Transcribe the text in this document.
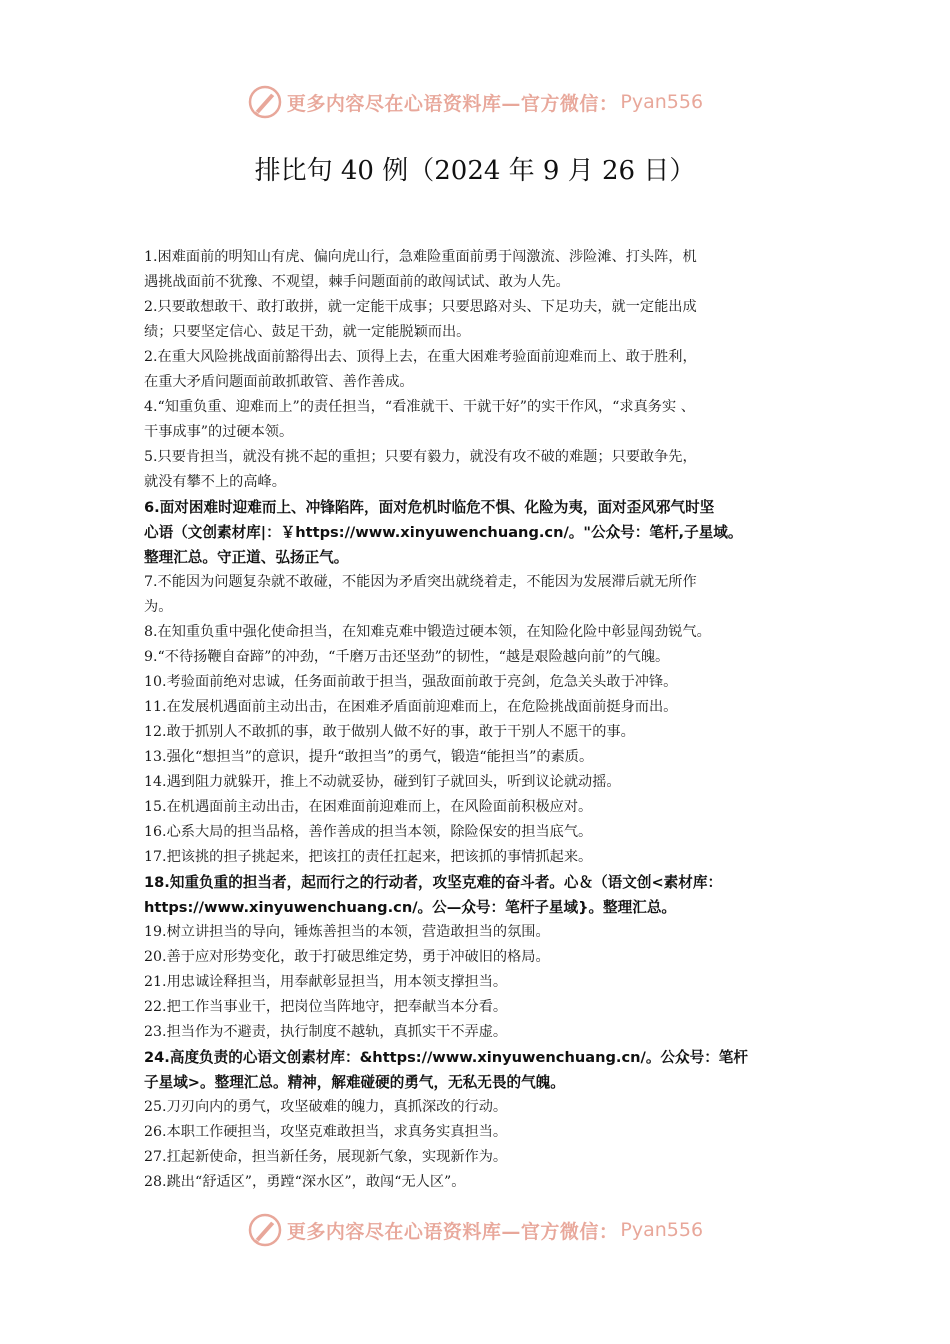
更多内容尽在心语资料库—官方微信： Pyan556
排比句 40 例（2024 年 9 月 26 日）
1.困难面前的明知山有虎、偏向虎山行，急难险重面前勇于闯激流、涉险滩、打头阵，机
遇挑战面前不犹豫、不观望，棘手问题面前的敢闯试试、敢为人先。
2.只要敢想敢干、敢打敢拼，就一定能干成事；只要思路对头、下足功夫，就一定能出成
绩；只要坚定信心、鼓足干劲，就一定能脱颖而出。
2.在重大风险挑战面前豁得出去、顶得上去，在重大困难考验面前迎难而上、敢于胜利，
在重大矛盾问题面前敢抓敢管、善作善成。
4.“知重负重、迎难而上”的责任担当，“看准就干、干就干好”的实干作风，“求真务实 、
干事成事”的过硬本领。
5.只要肯担当，就没有挑不起的重担；只要有毅力，就没有攻不破的难题；只要敢争先，
就没有攀不上的高峰。
6.面对困难时迎难而上、冲锋陷阵，面对危机时临危不惧、化险为夷，面对歪风邪气时坚
心语（文创素材库|：￥https://www.xinyuwenchuang.cn/。"公众号：笔杆,子星域。
整理汇总。守正道、弘扬正气。
7.不能因为问题复杂就不敢碰，不能因为矛盾突出就绕着走，不能因为发展滞后就无所作
为。
8.在知重负重中强化使命担当，在知难克难中锻造过硬本领，在知险化险中彰显闯劲锐气。
9.“不待扬鞭自奋蹄”的冲劲，“千磨万击还坚劲”的韧性，“越是艰险越向前”的气魄。
10.考验面前绝对忠诚，任务面前敢于担当，强敌面前敢于亮剑，危急关头敢于冲锋。
11.在发展机遇面前主动出击，在困难矛盾面前迎难而上，在危险挑战面前挺身而出。
12.敢于抓别人不敢抓的事，敢于做别人做不好的事，敢于干别人不愿干的事。
13.强化“想担当”的意识，提升“敢担当”的勇气，锻造“能担当”的素质。
14.遇到阻力就躲开，推上不动就妥协，碰到钉子就回头，听到议论就动摇。
15.在机遇面前主动出击，在困难面前迎难而上，在风险面前积极应对。
16.心系大局的担当品格，善作善成的担当本领，除险保安的担当底气。
17.把该挑的担子挑起来，把该扛的责任扛起来，把该抓的事情抓起来。
18.知重负重的担当者，起而行之的行动者，攻坚克难的奋斗者。心＆（语文创<素材库：
https://www.xinyuwenchuang.cn/。公—众号：笔杆子星域}。整理汇总。
19.树立讲担当的导向，锤炼善担当的本领，营造敢担当的氛围。
20.善于应对形势变化，敢于打破思维定势，勇于冲破旧的格局。
21.用忠诚诠释担当，用奉献彰显担当，用本领支撑担当。
22.把工作当事业干，把岗位当阵地守，把奉献当本分看。
23.担当作为不避责，执行制度不越轨，真抓实干不弄虚。
24.高度负责的心语文创素材库：&https://www.xinyuwenchuang.cn/。公众号：笔杆
子星域>。整理汇总。精神，解难碰硬的勇气，无私无畏的气魄。
25.刀刃向内的勇气，攻坚破难的魄力，真抓深改的行动。
26.本职工作硬担当，攻坚克难敢担当，求真务实真担当。
27.扛起新使命，担当新任务，展现新气象，实现新作为。
28.跳出“舒适区”，勇蹚“深水区”，敢闯“无人区”。
更多内容尽在心语资料库—官方微信： Pyan556
